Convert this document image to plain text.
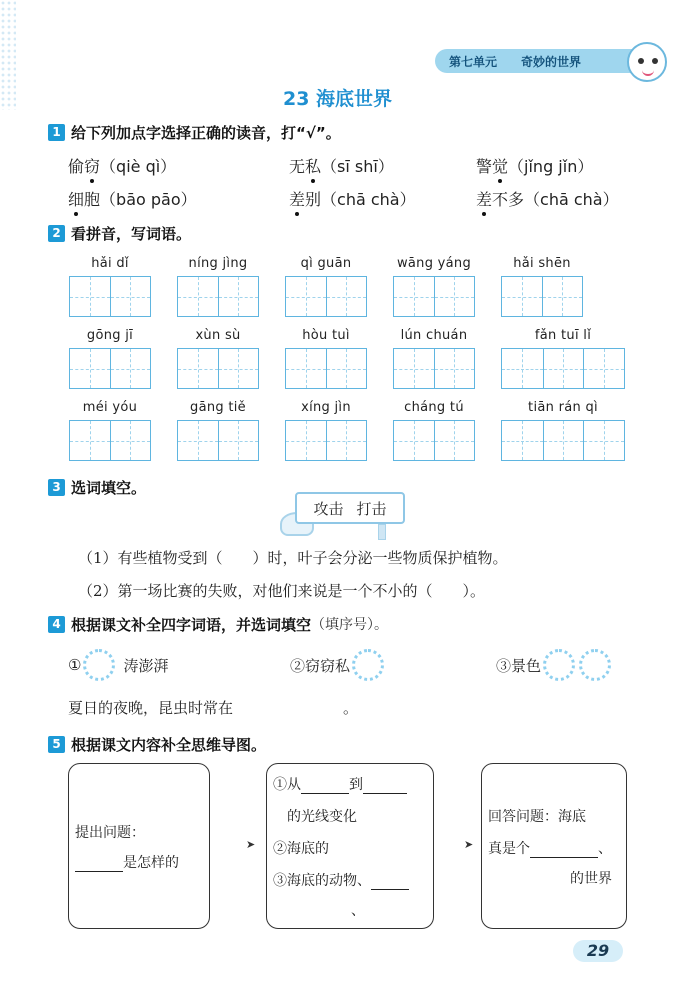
第七单元 奇妙的世界
23 海底世界
1 给下列加点字选择正确的读音，打“√”。
偷窃（qiè qì）	无私（sī shī）	警觉（jǐng jǐn）
细胞（bāo pāo）	差别（chā chà）	差不多（chā chà）
2 看拼音，写词语。
hǎi dǐ	níng jìng	qì guān	wāng yáng	hǎi shēn
gōng jī	xùn sù	hòu tuì	lún chuán	fǎn tuī lǐ
méi yóu	gāng tiě	xíng jìn	cháng tú	tiān rán qì
3 选词填空。
攻击 打击
（1）有些植物受到（　　）时，叶子会分泌一些物质保护植物。
（2）第一场比赛的失败，对他们来说是一个不小的（　　）。
4 根据课文补全四字词语，并选词填空 （填序号）。
①	涛澎湃	②窃窃私	③景色
夏日的夜晚，昆虫时常在	。
5 根据课文内容补全思维导图。
提出问题：
是怎样的
➤
①从	到
的光线变化
②海底的
③海底的动物、
、
➤
回答问题：海底
真是个	、
的世界
29
